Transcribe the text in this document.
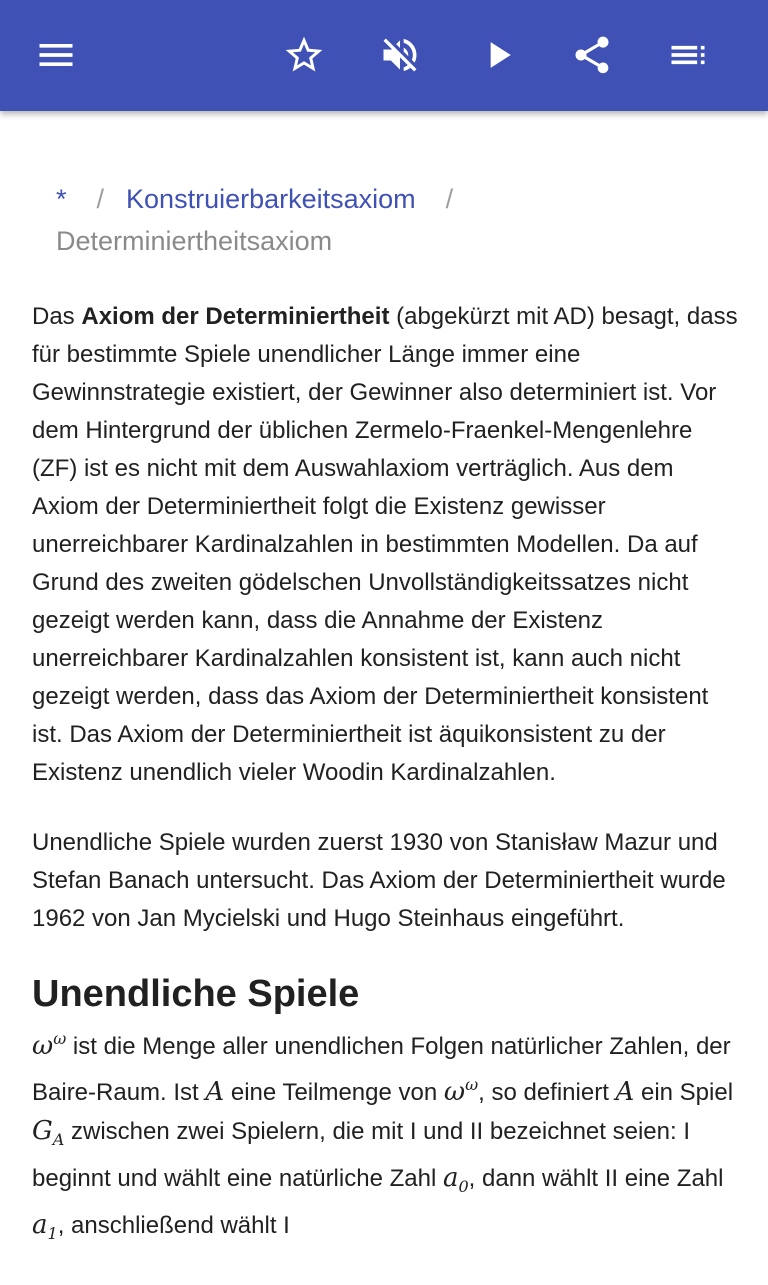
* / Konstruierbarkeitsaxiom /
Determiniertheitsaxiom

Das Axiom der Determiniertheit (abgekürzt mit AD) besagt, dass für bestimmte Spiele unendlicher Länge immer eine Gewinnstrategie existiert, der Gewinner also determiniert ist. Vor dem Hintergrund der üblichen Zermelo-Fraenkel-Mengenlehre (ZF) ist es nicht mit dem Auswahlaxiom verträglich. Aus dem Axiom der Determiniertheit folgt die Existenz gewisser unerreichbarer Kardinalzahlen in bestimmten Modellen. Da auf Grund des zweiten gödelschen Unvollständigkeitssatzes nicht gezeigt werden kann, dass die Annahme der Existenz unerreichbarer Kardinalzahlen konsistent ist, kann auch nicht gezeigt werden, dass das Axiom der Determiniertheit konsistent ist. Das Axiom der Determiniertheit ist äquikonsistent zu der Existenz unendlich vieler Woodin Kardinalzahlen.

Unendliche Spiele wurden zuerst 1930 von Stanisław Mazur und Stefan Banach untersucht. Das Axiom der Determiniertheit wurde 1962 von Jan Mycielski und Hugo Steinhaus eingeführt.

Unendliche Spiele

$\omega^\omega$ ist die Menge aller unendlichen Folgen natürlicher Zahlen, der Baire-Raum. Ist A eine Teilmenge von $\omega^\omega$, so definiert A ein Spiel $G_A$ zwischen zwei Spielern, die mit I und II bezeichnet seien: I beginnt und wählt eine natürliche Zahl $a_0$, dann wählt II eine Zahl $a_1$, anschließend wählt I
